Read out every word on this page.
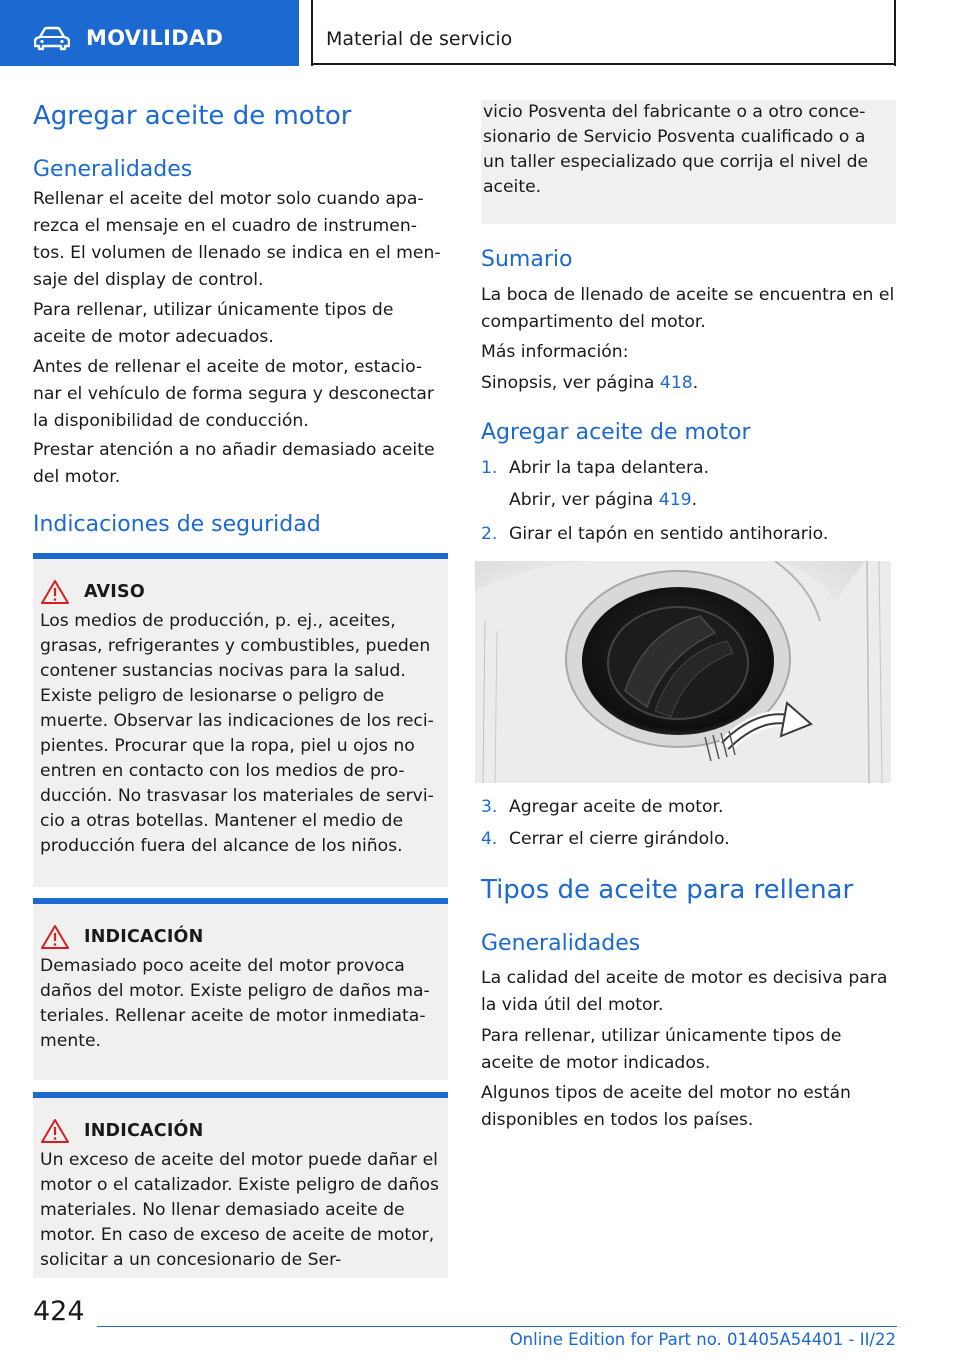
MOVILIDAD	Material de servicio
Agregar aceite de motor
Generalidades

Rellenar el aceite del motor solo cuando apa-rezca el mensaje en el cuadro de instrumen-tos. El volumen de llenado se indica en el men-saje del display de control.

Para rellenar, utilizar únicamente tipos de aceite de motor adecuados.

Antes de rellenar el aceite de motor, estacio-nar el vehículo de forma segura y desconectar la disponibilidad de conducción.

Prestar atención a no añadir demasiado aceite del motor.

Indicaciones de seguridad
AVISO

Los medios de producción, p. ej., aceites, grasas, refrigerantes y combustibles, pueden contener sustancias nocivas para la salud. Existe peligro de lesionarse o peligro de muerte. Observar las indicaciones de los reci-pientes. Procurar que la ropa, piel u ojos no entren en contacto con los medios de pro-ducción. No trasvasar los materiales de servi-cio a otras botellas. Mantener el medio de producción fuera del alcance de los niños.

INDICACIÓN

Demasiado poco aceite del motor provoca daños del motor. Existe peligro de daños ma-teriales. Rellenar aceite de motor inmediata-mente.

INDICACIÓN

Un exceso de aceite del motor puede dañar el motor o el catalizador. Existe peligro de daños materiales. No llenar demasiado aceite de motor. En caso de exceso de aceite de motor, solicitar a un concesionario de Ser-

vicio Posventa del fabricante o a otro conce-sionario de Servicio Posventa cualificado o a un taller especializado que corrija el nivel de aceite.

Sumario

La boca de llenado de aceite se encuentra en el compartimento del motor.

Más información:

Sinopsis, ver página 418.

Agregar aceite de motor
1. Abrir la tapa delantera.
Abrir, ver página 419.
2. Girar el tapón en sentido antihorario.
3. Agregar aceite de motor.
4. Cerrar el cierre girándolo.
Tipos de aceite para rellenar
Generalidades

La calidad del aceite de motor es decisiva para la vida útil del motor.

Para rellenar, utilizar únicamente tipos de aceite de motor indicados.

Algunos tipos de aceite del motor no están disponibles en todos los países.

424
Online Edition for Part no. 01405A54401 - II/22
